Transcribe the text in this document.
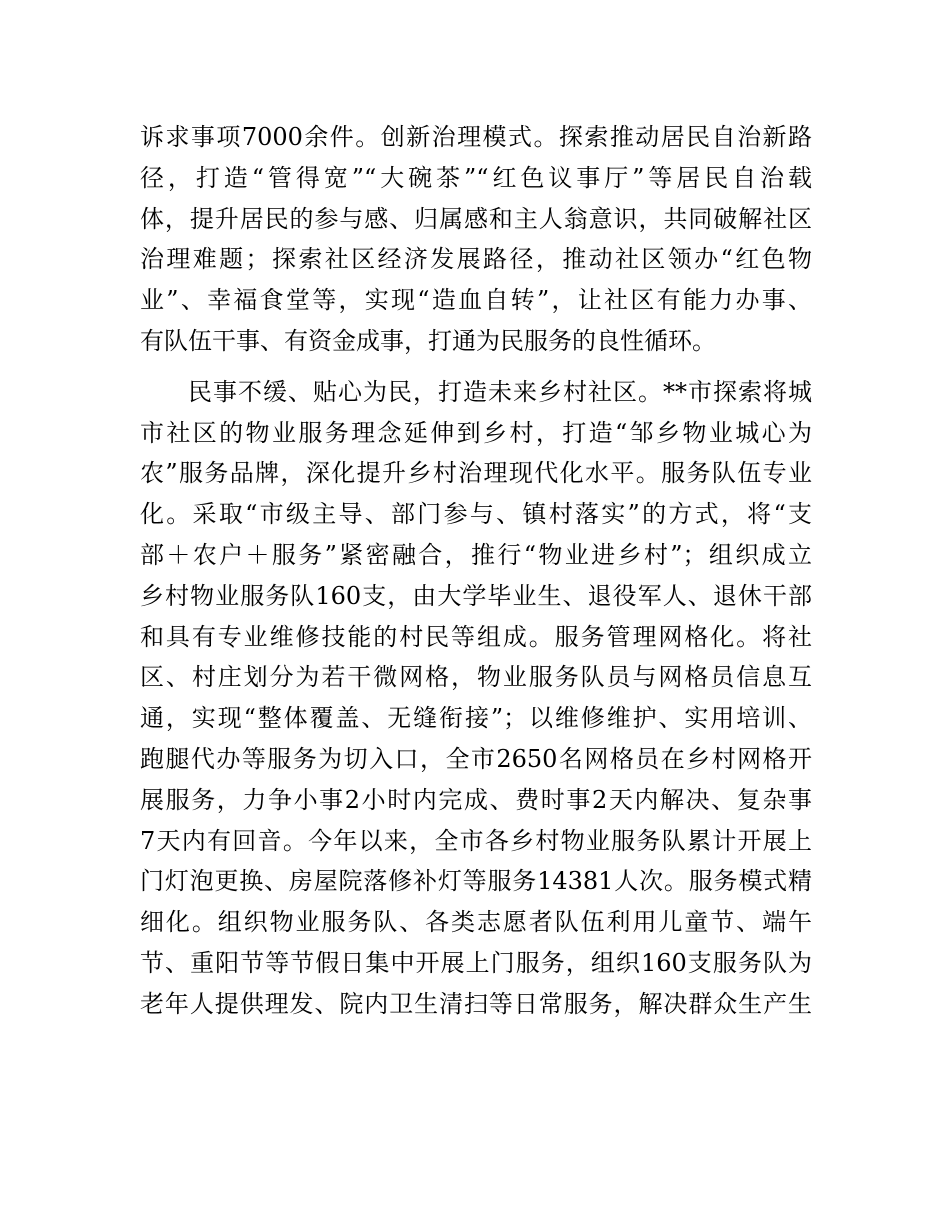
诉求事项7000余件。创新治理模式。探索推动居民自治新路
径，打造“管得宽”“大碗茶”“红色议事厅”等居民自治载
体，提升居民的参与感、归属感和主人翁意识，共同破解社区
治理难题；探索社区经济发展路径，推动社区领办“红色物
业”、幸福食堂等，实现“造血自转”，让社区有能力办事、
有队伍干事、有资金成事，打通为民服务的良性循环。
民事不缓、贴心为民，打造未来乡村社区。**市探索将城
市社区的物业服务理念延伸到乡村，打造“邹乡物业城心为
农”服务品牌，深化提升乡村治理现代化水平。服务队伍专业
化。采取“市级主导、部门参与、镇村落实”的方式，将“支
部＋农户＋服务”紧密融合，推行“物业进乡村”；组织成立
乡村物业服务队160支，由大学毕业生、退役军人、退休干部
和具有专业维修技能的村民等组成。服务管理网格化。将社
区、村庄划分为若干微网格，物业服务队员与网格员信息互
通，实现“整体覆盖、无缝衔接”；以维修维护、实用培训、
跑腿代办等服务为切入口，全市2650名网格员在乡村网格开
展服务，力争小事2小时内完成、费时事2天内解决、复杂事
7天内有回音。今年以来，全市各乡村物业服务队累计开展上
门灯泡更换、房屋院落修补灯等服务14381人次。服务模式精
细化。组织物业服务队、各类志愿者队伍利用儿童节、端午
节、重阳节等节假日集中开展上门服务，组织160支服务队为
老年人提供理发、院内卫生清扫等日常服务，解决群众生产生
